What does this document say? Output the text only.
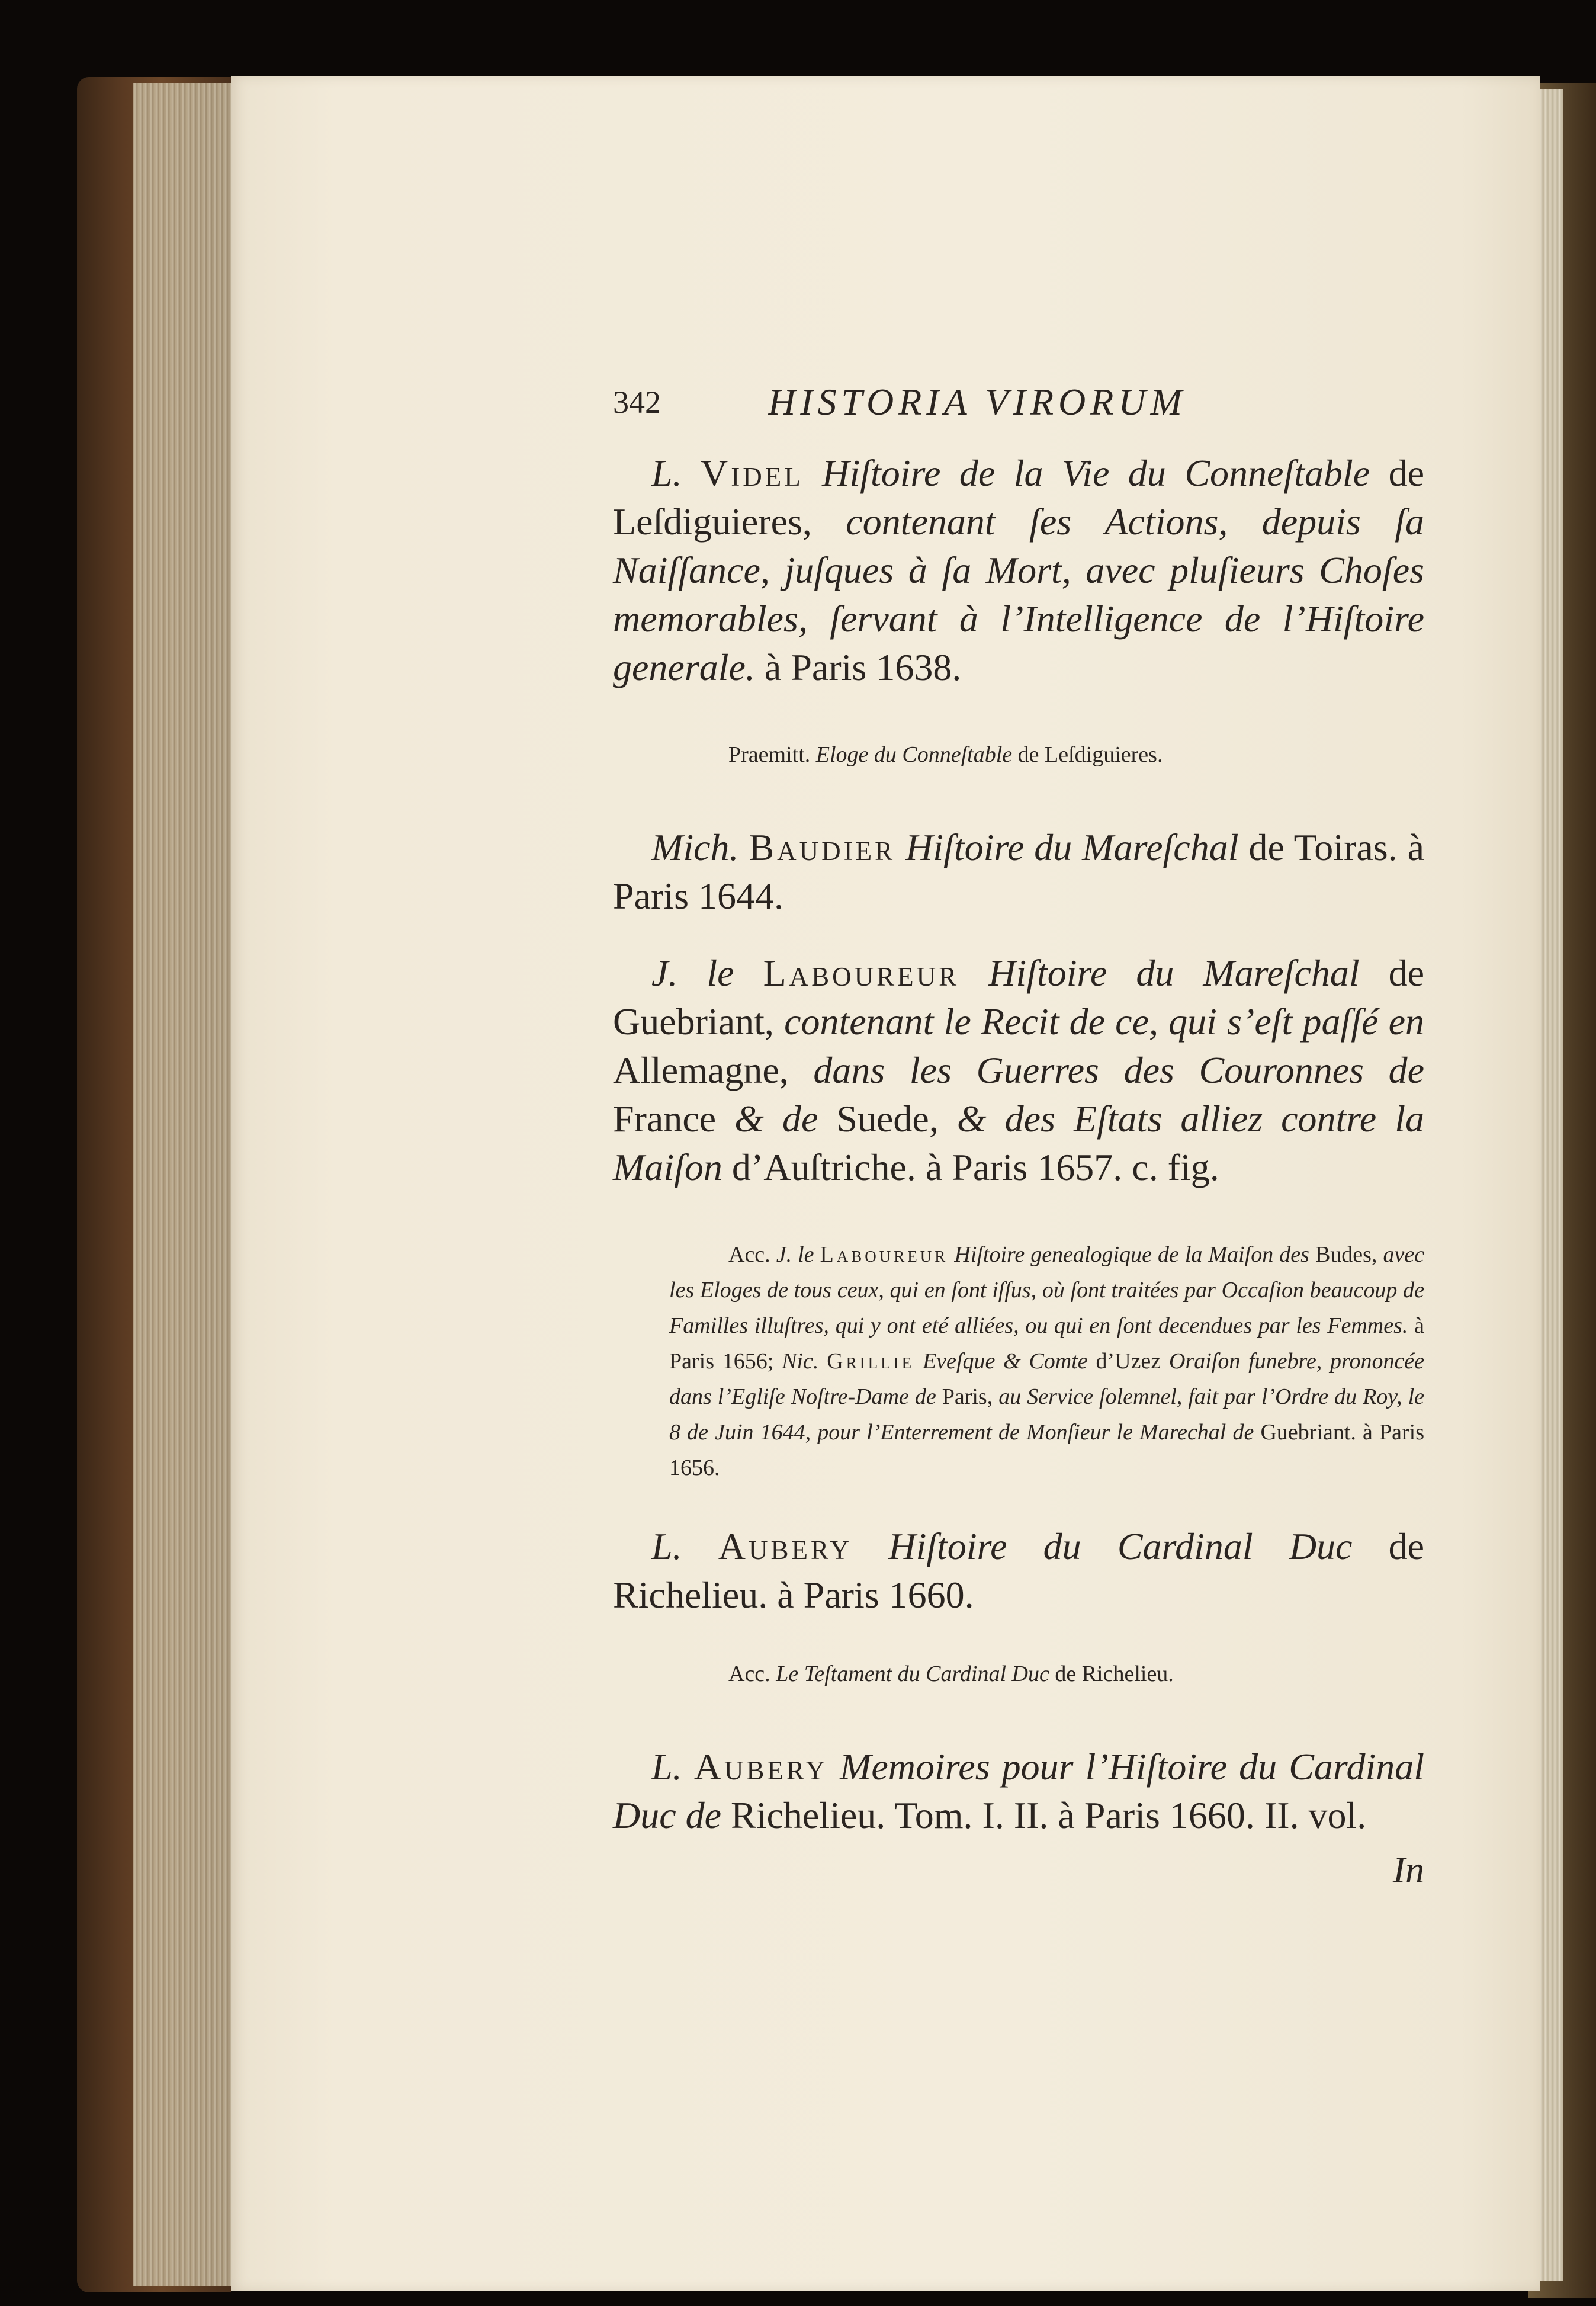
342	HISTORIA VIRORUM

L. Videl Hiſtoire de la Vie du Conneſtable de Leſdiguieres, contenant ſes Actions, depuis ſa Naiſſance, juſques à ſa Mort, avec pluſieurs Choſes memorables, ſervant à l’Intelligence de l’Hiſtoire generale. à Paris 1638.

Praemitt. Eloge du Conneſtable de Leſdiguieres.

Mich. Baudier Hiſtoire du Mareſchal de Toiras. à Paris 1644.

J. le Laboureur Hiſtoire du Mareſchal de Guebriant, contenant le Recit de ce, qui s’eſt paſſé en Allemagne, dans les Guerres des Couronnes de France & de Suede, & des Eſtats alliez contre la Maiſon d’Auſtriche. à Paris 1657. c. fig.

Acc. J. le Laboureur Hiſtoire genealogique de la Maiſon des Budes, avec les Eloges de tous ceux, qui en ſont iſſus, où ſont traitées par Occaſion beaucoup de Familles illuſtres, qui y ont eté alliées, ou qui en ſont decendues par les Femmes. à Paris 1656; Nic. Grillie Eveſque & Comte d’Uzez Oraiſon funebre, prononcée dans l’Egliſe Noſtre-Dame de Paris, au Service ſolemnel, fait par l’Ordre du Roy, le 8 de Juin 1644, pour l’Enterrement de Monſieur le Marechal de Guebriant. à Paris 1656.

L. Aubery Hiſtoire du Cardinal Duc de Richelieu. à Paris 1660.

Acc. Le Teſtament du Cardinal Duc de Richelieu.

L. Aubery Memoires pour l’Hiſtoire du Cardinal Duc de Richelieu. Tom. I. II. à Paris 1660. II. vol.

In
